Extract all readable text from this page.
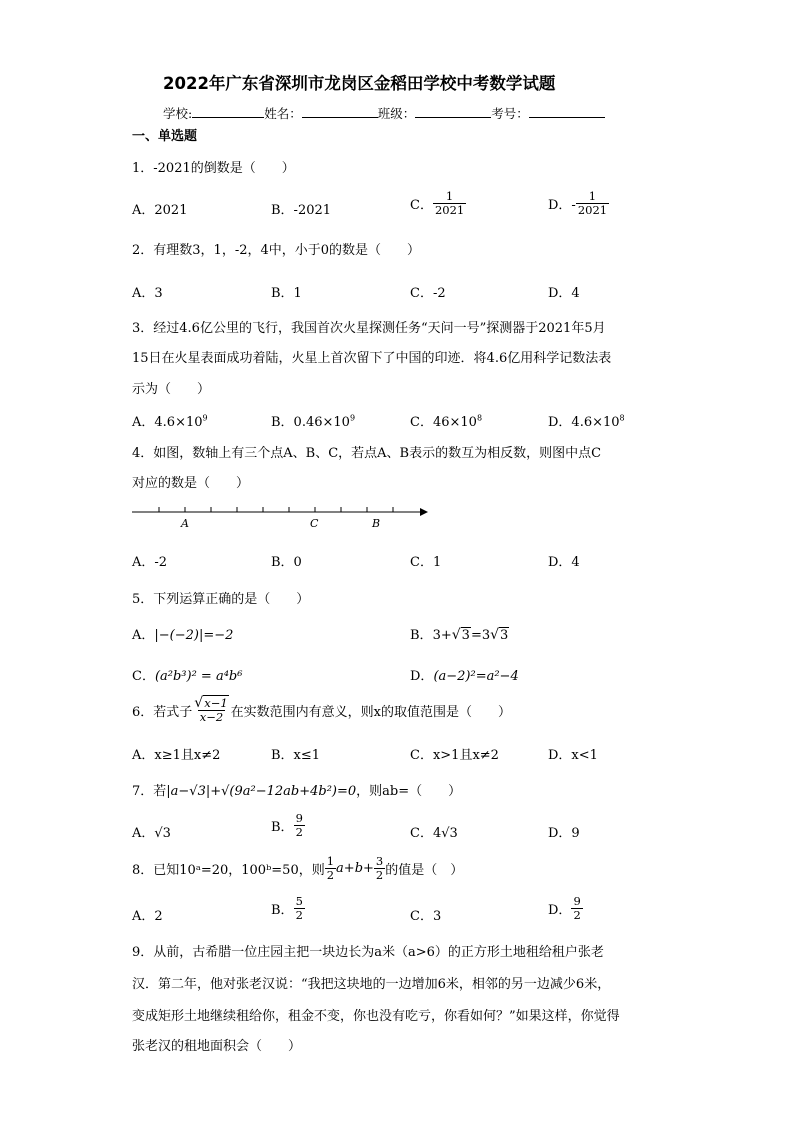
2022年广东省深圳市龙岗区金稻田学校中考数学试题
学校:	姓名：	班级：	考号：
一、单选题
1．-2021的倒数是（　　）
A．2021	B．-2021	C． $\frac{1}{2021}$	D．- $\frac{1}{2021}$
2．有理数3，1，-2，4中，小于0的数是（　　）
A．3	B．1	C．-2	D．4
3．经过4.6亿公里的飞行，我国首次火星探测任务“天问一号”探测器于2021年5月
15日在火星表面成功着陆，火星上首次留下了中国的印迹．将4.6亿用科学记数法表
示为（　　）
A．$4.6\times 10^9$	B．$0.46\times 10^9$	C．$46\times 10^8$	D．$4.6\times 10^8$
4．如图，数轴上有三个点A、B、C，若点A、B表示的数互为相反数，则图中点C
对应的数是（　　）
A	C	B
A．-2	B．0	C．1	D．4
5．下列运算正确的是（　　）
A．|−(−2)|=−2	B．3+√3=3√3
C．(a²b³)² = a⁴b⁶	D．(a−2)²=a²−4
6．若式子 $\frac{√x-1}{x-2}$ 在实数范围内有意义，则x的取值范围是（　　）
A．x≥1且x≠2	B．x≤1	C．x>1且x≠2	D．x<1
7．若|a−√3|+√(9a²−12ab+4b²)=0，则ab=（　　）
A．√3	B． $\frac{9}{2}$	C．4√3	D．9
8．已知10ᵃ=20，100ᵇ=50，则 $\frac{1}{2} a+b+ \frac{3}{2}$ 的值是（　）
A．2	B． $\frac{5}{2}$	C．3	D． $\frac{9}{2}$
9．从前，古希腊一位庄园主把一块边长为a米（a>6）的正方形土地租给租户张老
汉．第二年，他对张老汉说：“我把这块地的一边增加6米，相邻的另一边减少6米，
变成矩形土地继续租给你，租金不变，你也没有吃亏，你看如何？”如果这样，你觉得
张老汉的租地面积会（　　）
